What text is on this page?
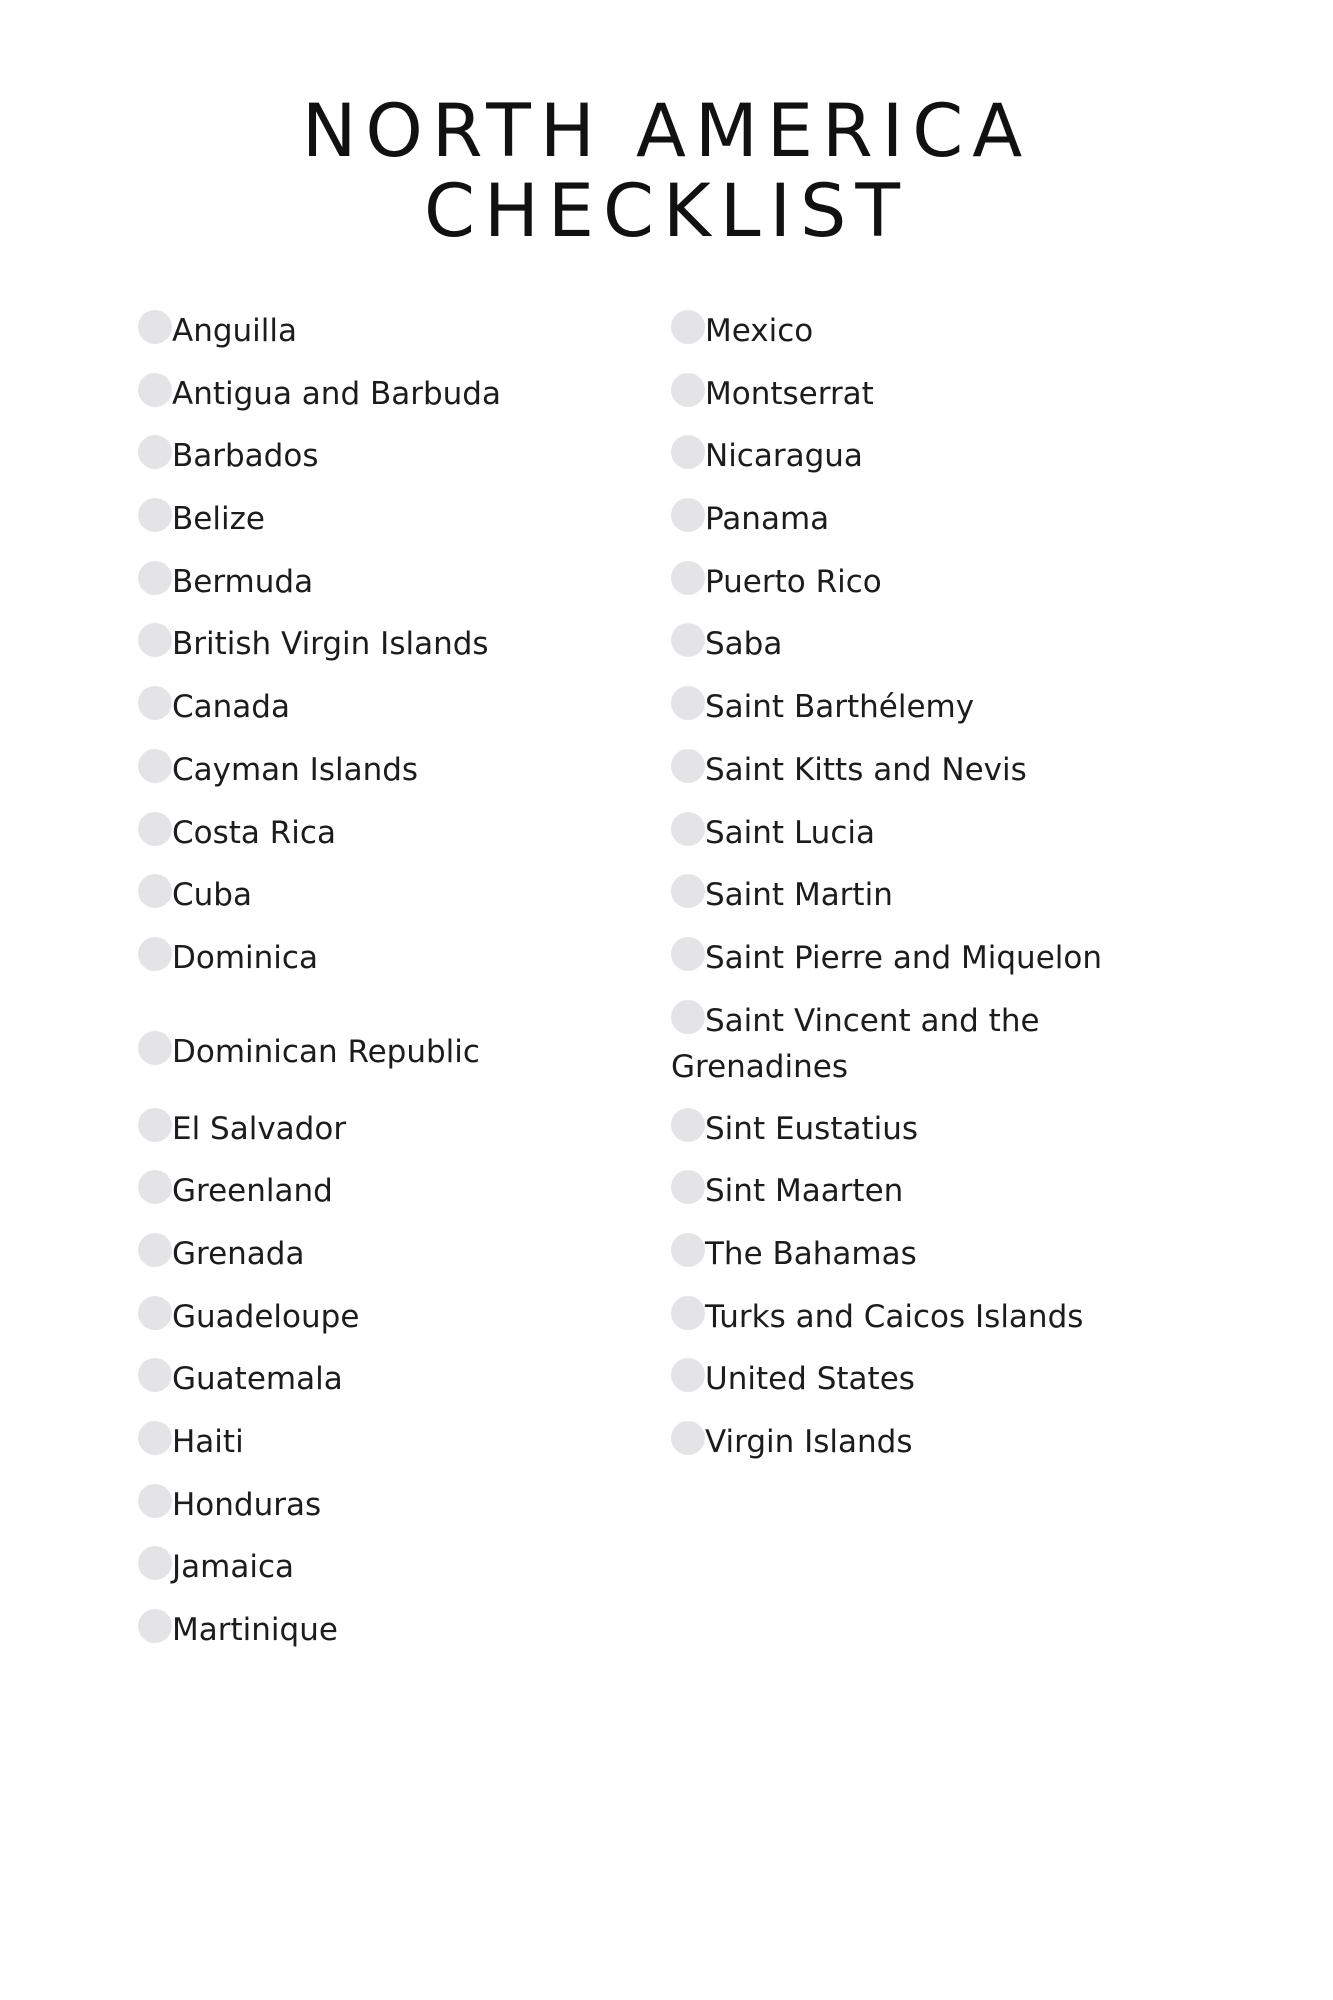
NORTH AMERICA
CHECKLIST
Anguilla
Antigua and Barbuda
Barbados
Belize
Bermuda
British Virgin Islands
Canada
Cayman Islands
Costa Rica
Cuba
Dominica
Dominican Republic
El Salvador
Greenland
Grenada
Guadeloupe
Guatemala
Haiti
Honduras
Jamaica
Martinique
Mexico
Montserrat
Nicaragua
Panama
Puerto Rico
Saba
Saint Barthélemy
Saint Kitts and Nevis
Saint Lucia
Saint Martin
Saint Pierre and Miquelon
Saint Vincent and the Grenadines
Sint Eustatius
Sint Maarten
The Bahamas
Turks and Caicos Islands
United States
Virgin Islands
